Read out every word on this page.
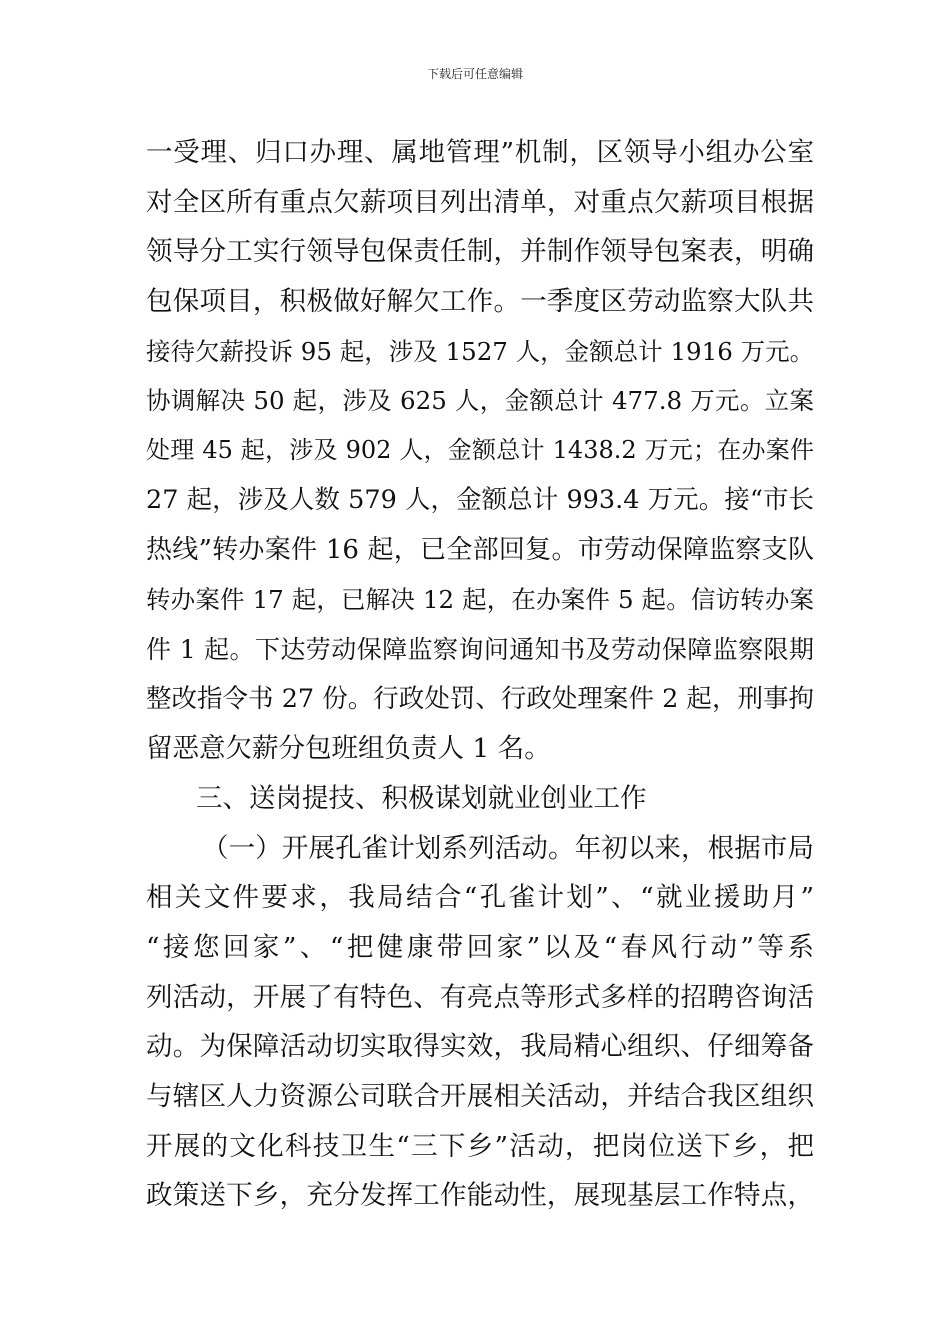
下载后可任意编辑
一受理、归口办理、属地管理”机制，区领导小组办公室
对全区所有重点欠薪项目列出清单，对重点欠薪项目根据
领导分工实行领导包保责任制，并制作领导包案表，明确
包保项目，积极做好解欠工作。一季度区劳动监察大队共
接待欠薪投诉 95 起，涉及 1527 人，金额总计 1916 万元。
协调解决 50 起，涉及 625 人，金额总计 477.8 万元。立案
处理 45 起，涉及 902 人，金额总计 1438.2 万元；在办案件
27 起，涉及人数 579 人，金额总计 993.4 万元。接“市长
热线”转办案件 16 起，已全部回复。市劳动保障监察支队
转办案件 17 起，已解决 12 起，在办案件 5 起。信访转办案
件 1 起。下达劳动保障监察询问通知书及劳动保障监察限期
整改指令书 27 份。行政处罚、行政处理案件 2 起，刑事拘
留恶意欠薪分包班组负责人 1 名。
三、送岗提技、积极谋划就业创业工作
（一）开展孔雀计划系列活动。年初以来，根据市局
相关文件要求，我局结合“孔雀计划”、“就业援助月”
“接您回家”、“把健康带回家”以及“春风行动”等系
列活动，开展了有特色、有亮点等形式多样的招聘咨询活
动。为保障活动切实取得实效，我局精心组织、仔细筹备
与辖区人力资源公司联合开展相关活动，并结合我区组织
开展的文化科技卫生“三下乡”活动，把岗位送下乡，把
政策送下乡，充分发挥工作能动性，展现基层工作特点，
